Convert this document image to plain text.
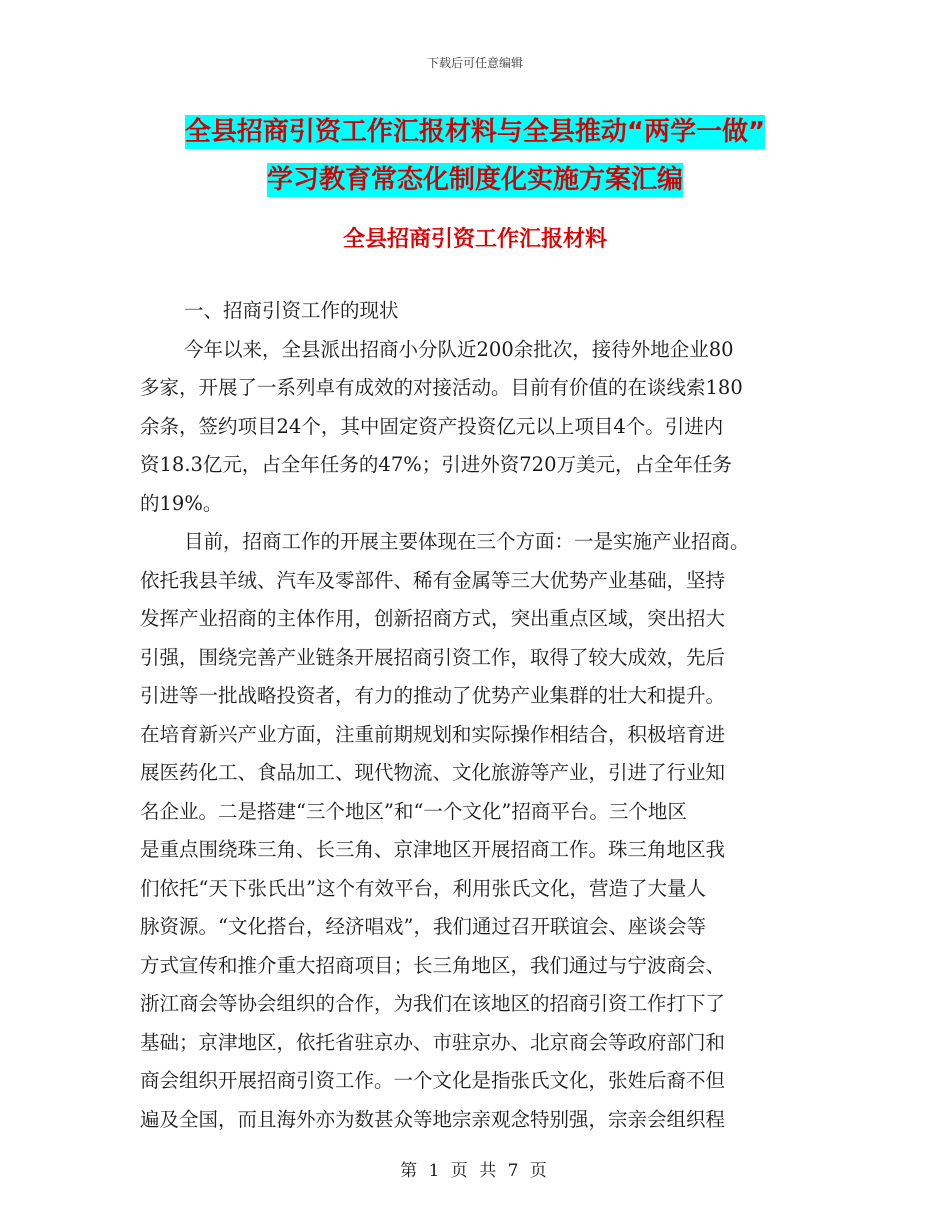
下载后可任意编辑
全县招商引资工作汇报材料与全县推动“两学一做”
学习教育常态化制度化实施方案汇编
全县招商引资工作汇报材料
一、招商引资工作的现状
今年以来，全县派出招商小分队近200余批次，接待外地企业80
多家，开展了一系列卓有成效的对接活动。目前有价值的在谈线索180
余条，签约项目24个，其中固定资产投资亿元以上项目4个。引进内
资18.3亿元，占全年任务的47%；引进外资720万美元，占全年任务
的19%。
目前，招商工作的开展主要体现在三个方面：一是实施产业招商。
依托我县羊绒、汽车及零部件、稀有金属等三大优势产业基础，坚持
发挥产业招商的主体作用，创新招商方式，突出重点区域，突出招大
引强，围绕完善产业链条开展招商引资工作，取得了较大成效，先后
引进等一批战略投资者，有力的推动了优势产业集群的壮大和提升。
在培育新兴产业方面，注重前期规划和实际操作相结合，积极培育进
展医药化工、食品加工、现代物流、文化旅游等产业，引进了行业知
名企业。二是搭建“三个地区”和“一个文化”招商平台。三个地区
是重点围绕珠三角、长三角、京津地区开展招商工作。珠三角地区我
们依托“天下张氏出”这个有效平台，利用张氏文化，营造了大量人
脉资源。“文化搭台，经济唱戏”，我们通过召开联谊会、座谈会等
方式宣传和推介重大招商项目；长三角地区，我们通过与宁波商会、
浙江商会等协会组织的合作，为我们在该地区的招商引资工作打下了
基础；京津地区，依托省驻京办、市驻京办、北京商会等政府部门和
商会组织开展招商引资工作。一个文化是指张氏文化，张姓后裔不但
遍及全国，而且海外亦为数甚众等地宗亲观念特别强，宗亲会组织程
第 1 页 共 7 页
